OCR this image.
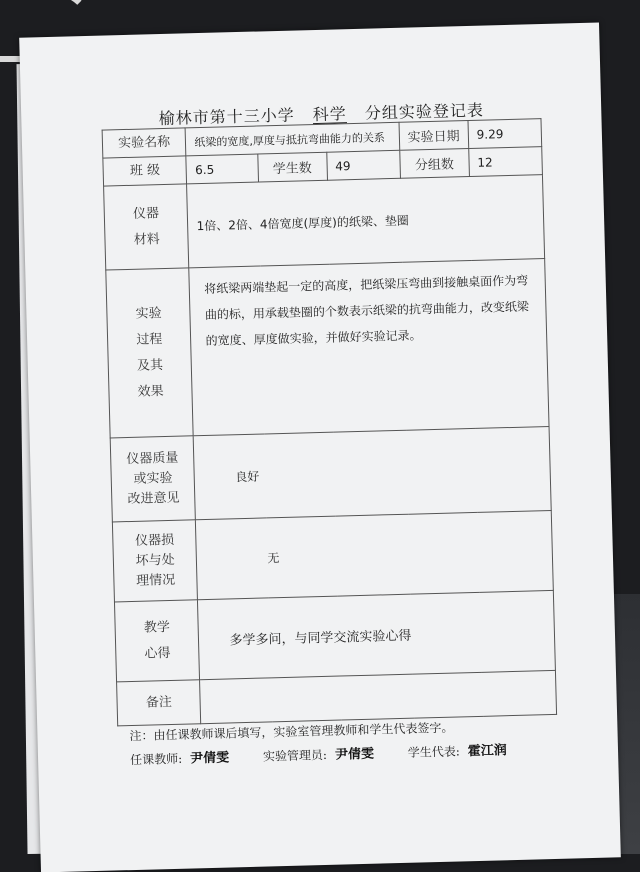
榆林市第十三小学 科学 分组实验登记表
实验名称	纸梁的宽度,厚度与抵抗弯曲能力的关系			实验日期	9.29
班 级	6.5	学生数	49	分组数	12

仪器
材料	1倍、2倍、4倍宽度(厚度)的纸梁、垫圈				

实验
过程
及其
效果	将纸梁两端垫起一定的高度，把纸梁压弯曲到接触桌面作为弯曲的标，用承载垫圈的个数表示纸梁的抗弯曲能力，改变纸梁的宽度、厚度做实验，并做好实验记录。				

仪器质量
或实验
改进意见	良好				

仪器损
坏与处
理情况	无				

教学
心得	多学多问，与同学交流实验心得				
备注					
注：由任课教师课后填写，实验室管理教师和学生代表签字。
任课教师: 尹倩雯	实验管理员: 尹倩雯	学生代表: 霍江润
